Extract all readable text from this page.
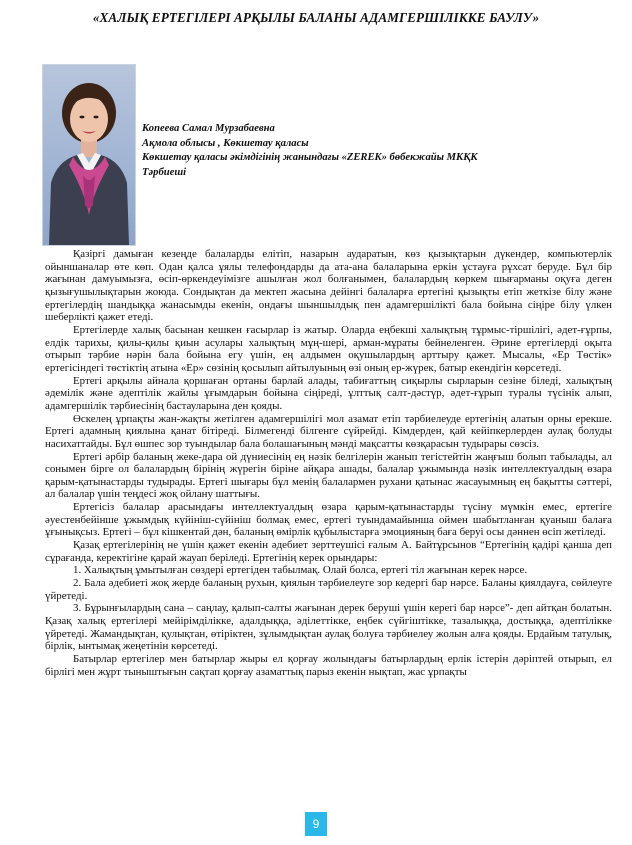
«ХАЛЫҚ ЕРТЕГІЛЕРІ АРҚЫЛЫ БАЛАНЫ АДАМГЕРШІЛІККЕ БАУЛУ»
Копеева Самал Мурзабаевна
Ақмола облысы , Көкшетау қаласы
Көкшетау қаласы әкімдігінің жанындағы «ZEREK» бөбекжайы МКҚК
Тәрбиеші

Қазіргі дамыған кезеңде балаларды елітіп, назарын аударатын, көз қызықтарын дүкендер, компьютерлік ойыншаналар өте көп. Одан қалса ұялы телефондарды да ата-ана балаларына еркін ұстауға рұхсат беруде. Бұл бір жағынан дамуымызға, өсіп-өркендеуімізге ашылған жол болғанымен, балалардың көркем шығарманы оқуға деген қызығушылықтарын жоюда. Сондықтан да мектеп жасына дейінгі балаларға ертегіні қызықты етіп жеткізе білу және ертегілердің шандыққа жанасымды екенін, ондағы шыншылдық пен адамгершілікті бала бойына сіңіре білу үлкен шеберлікті қажет етеді.

Ертегілерде халық басынан кешкен ғасырлар із жатыр. Оларда еңбекші халықтың тұрмыс-тіршілігі, әдет-ғұрпы, елдік тарихы, қилы-қилы қиын асулары халықтың мұң-шері, арман-мұраты бейнеленген. Әрине ертегілерді оқыта отырып тәрбие нәрін бала бойына егу үшін, ең алдымен оқушылардың арттыру қажет. Мысалы, «Ер Төстік» ертегісіндегі төстіктің атына «Ер» сөзінің қосылып айтылуының өзі оның ер-жүрек, батыр екендігін көрсетеді.

Ертегі арқылы айнала қоршаған ортаны барлай алады, табиғаттың сиқырлы сырларын сезіне біледі, халықтың әдемілік және әдептілік жайлы ұғымдарын бойына сіңіреді, ұлттық салт-дәстүр, әдет-ғұрып туралы түсінік алып, адамгершілік тәрбиесінің бастауларына ден қояды.

Өскелең ұрпақты жан-жақты жетілген адамгершілігі мол азамат етіп тәрбиелеуде ертегінің алатын орны ерекше. Ертегі адамның қиялына қанат бітіреді. Білмегенді білгенге сүйрейді. Кімдерден, қай кейіпкерлерден аулақ болуды насихаттайды. Бұл өшпес зор туындылар бала болашағының мәнді мақсатты көзқарасын тудырары сөзсіз.

Ертегі әрбір баланың жеке-дара ой дүниесінің ең нәзік белгілерін жанып тегістейтін жаңғыш болып табылады, ал сонымен бірге ол балалардың бірінің жүрегін біріне айқара ашады, балалар ұжымында нәзік интеллектуалдың өзара қарым-қатынастарды тудырады. Ертегі шығары бұл менің балалармен рухани қатынас жасауымның ең бақытты сәттері, ал балалар үшін теңдесі жоқ ойлану шаттығы.

Ертегісіз балалар арасындағы интеллектуалдың өзара қарым-қатынастарды түсіну мүмкін емес, ертегіге әуестенбейінше ұжымдық күйініш-сүйініш болмақ емес, ертегі туындамайынша оймен шабытланған қуаныш балаға ұғынықсыз. Ертегі – бұл кішкентай дән, баланың өмірлік құбылыстарға эмоцияның баға беруі осы дәннен өсіп жетіледі.

Қазақ ертегілерінің не үшін қажет екенін әдебиет зерттеушісі ғалым А. Байтұрсынов “Ертегінің қадірі қанша деп сұрағанда, керектігіне қарай жауап беріледі. Ертегінің керек орындары:

1. Халықтың ұмытылған сөздері ертегіден табылмақ. Олай болса, ертегі тіл жағынан керек нәрсе.

2. Бала әдебиеті жоқ жерде баланың рухын, қиялын тәрбиелеуге зор кедергі бар нәрсе. Баланы қиялдауға, сөйлеуге үйретеді.

3. Бұрынғылардың сана – саңлау, қалып-салты жағынан дерек беруші үшін керегі бар нәрсе”- деп айтқан болатын. Қазақ халық ертегілері мейірімділікке, адалдыққа, әділеттікке, еңбек сүйгіштікке, тазалыққа, достыққа, әдептілікке үйретеді. Жамандықтан, қулықтан, өтіріктен, зұлымдықтан аулақ болуға тәрбиелеу жолын алға қояды. Ердайым татулық, бірлік, ынтымақ жеңетінін көрсетеді.

Батырлар ертегілер мен батырлар жыры ел қорғау жолындағы батырлардың ерлік істерін дәріптей отырып, ел бірлігі мен жұрт тыныштығын сақтап қорғау азаматтық парыз екенін нықтап, жас ұрпақты

9
